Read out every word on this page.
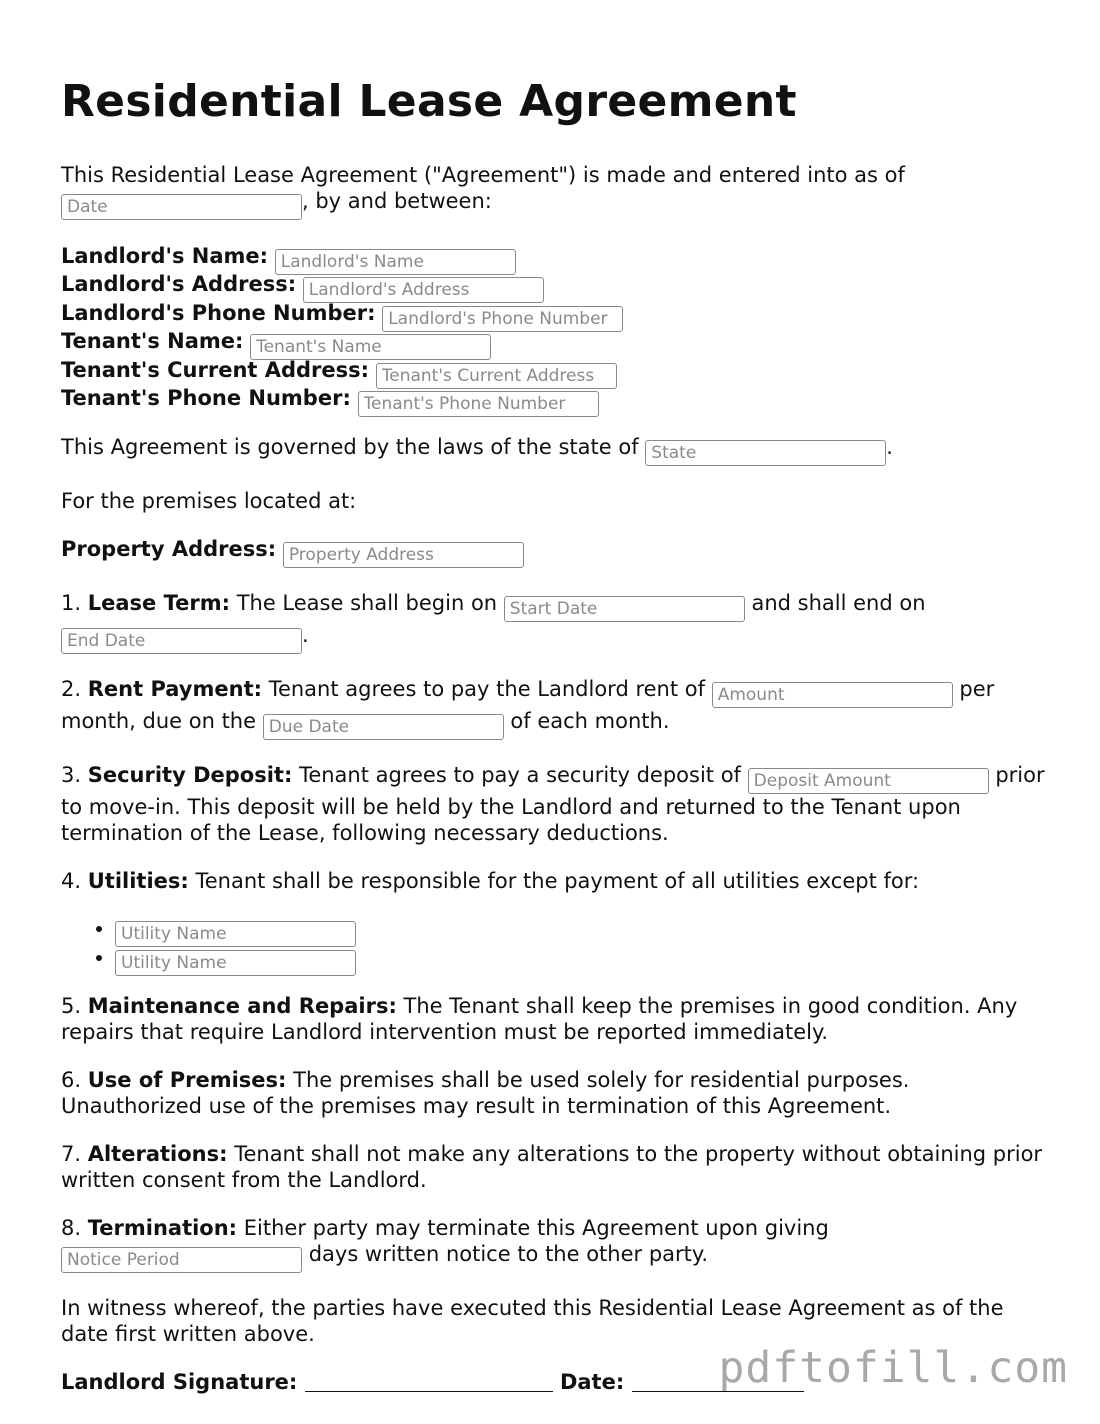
Residential Lease Agreement

This Residential Lease Agreement ("Agreement") is made and entered into as of
Date, by and between:

Landlord's Name: Landlord's Name
Landlord's Address: Landlord's Address
Landlord's Phone Number: Landlord's Phone Number
Tenant's Name: Tenant's Name
Tenant's Current Address: Tenant's Current Address
Tenant's Phone Number: Tenant's Phone Number

This Agreement is governed by the laws of the state of State	.

For the premises located at:

Property Address: Property Address

1. Lease Term: The Lease shall begin on Start Date	and shall end on
End Date.

2. Rent Payment: Tenant agrees to pay the Landlord rent of Amount	per month, due on the Due Date	of each month.

3. Security Deposit: Tenant agrees to pay a security deposit of Deposit Amount	prior to move-in. This deposit will be held by the Landlord and returned to the Tenant upon termination of the Lease, following necessary deductions.

4. Utilities: Tenant shall be responsible for the payment of all utilities except for:

• Utility Name
• Utility Name

5. Maintenance and Repairs: The Tenant shall keep the premises in good condition. Any repairs that require Landlord intervention must be reported immediately.

6. Use of Premises: The premises shall be used solely for residential purposes. Unauthorized use of the premises may result in termination of this Agreement.

7. Alterations: Tenant shall not make any alterations to the property without obtaining prior written consent from the Landlord.

8. Termination: Either party may terminate this Agreement upon giving
Notice Period days written notice to the other party.

In witness whereof, the parties have executed this Residential Lease Agreement as of the date first written above.

Landlord Signature:	Date:	pdftofill.com
